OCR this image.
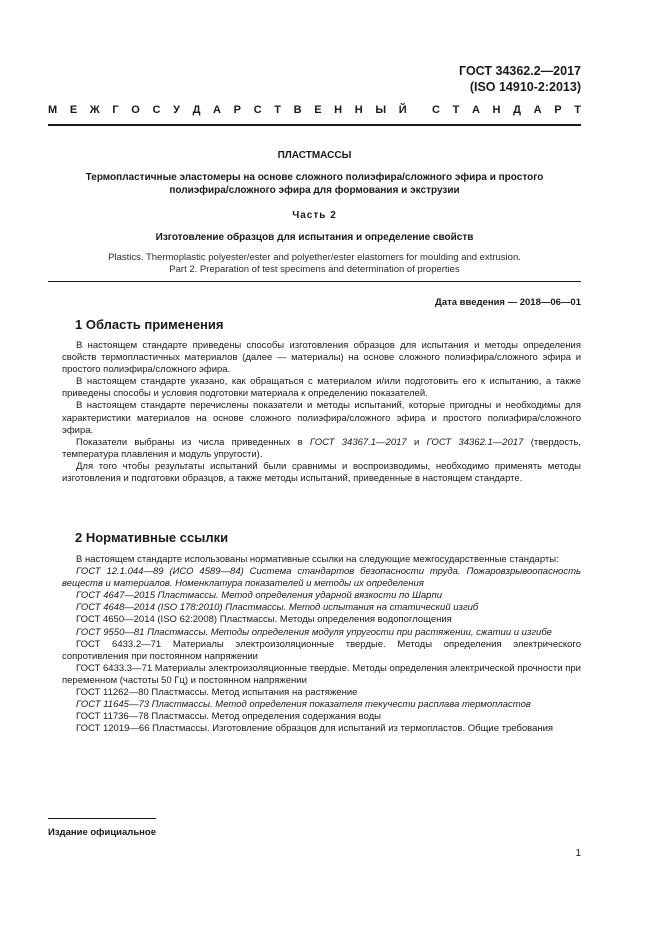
ГОСТ 34362.2—2017
(ISO 14910-2:2013)
М Е Ж Г О С У Д А Р С Т В Е Н Н Ы Й С Т А Н Д А Р Т
ПЛАСТМАССЫ
Термопластичные эластомеры на основе сложного полиэфира/сложного эфира и простого
полиэфира/сложного эфира для формования и экструзии
Часть 2
Изготовление образцов для испытания и определение свойств
Plastics. Thermoplastic polyester/ester and polyether/ester elastomers for moulding and extrusion.
Part 2. Preparation of test specimens and determination of properties
Дата введения — 2018—06—01
1 Область применения

В настоящем стандарте приведены способы изготовления образцов для испытания и методы определения свойств термопластичных материалов (далее — материалы) на основе сложного полиэфира/сложного эфира и простого полиэфира/сложного эфира.

В настоящем стандарте указано, как обращаться с материалом и/или подготовить его к испытанию, а также приведены способы и условия подготовки материала к определению показателей.

В настоящем стандарте перечислены показатели и методы испытаний, которые пригодны и необходимы для характеристики материалов на основе сложного полиэфира/сложного эфира и простого полиэфира/сложного эфира.

Показатели выбраны из числа приведенных в ГОСТ 34367.1—2017 и ГОСТ 34362.1—2017 (твердость, температура плавления и модуль упругости).

Для того чтобы результаты испытаний были сравнимы и воспроизводимы, необходимо применять методы изготовления и подготовки образцов, а также методы испытаний, приведенные в настоящем стандарте.

2 Нормативные ссылки

В настоящем стандарте использованы нормативные ссылки на следующие межгосударственные стандарты:

ГОСТ 12.1.044—89 (ИСО 4589—84) Система стандартов безопасности труда. Пожаровзрывоопасность веществ и материалов. Номенклатура показателей и методы их определения

ГОСТ 4647—2015 Пластмассы. Метод определения ударной вязкости по Шарпи

ГОСТ 4648—2014 (ISO 178:2010) Пластмассы. Метод испытания на статический изгиб

ГОСТ 4650—2014 (ISO 62:2008) Пластмассы. Методы определения водопоглощения

ГОСТ 9550—81 Пластмассы. Методы определения модуля упругости при растяжении, сжатии и изгибе

ГОСТ 6433.2—71 Материалы электроизоляционные твердые. Методы определения электрического сопротивления при постоянном напряжении

ГОСТ 6433.3—71 Материалы электроизоляционные твердые. Методы определения электрической прочности при переменном (частоты 50 Гц) и постоянном напряжении

ГОСТ 11262—80 Пластмассы. Метод испытания на растяжение

ГОСТ 11645—73 Пластмассы. Метод определения показателя текучести расплава термопластов

ГОСТ 11736—78 Пластмассы. Метод определения содержания воды

ГОСТ 12019—66 Пластмассы. Изготовление образцов для испытаний из термопластов. Общие требования

Издание официальное
1
